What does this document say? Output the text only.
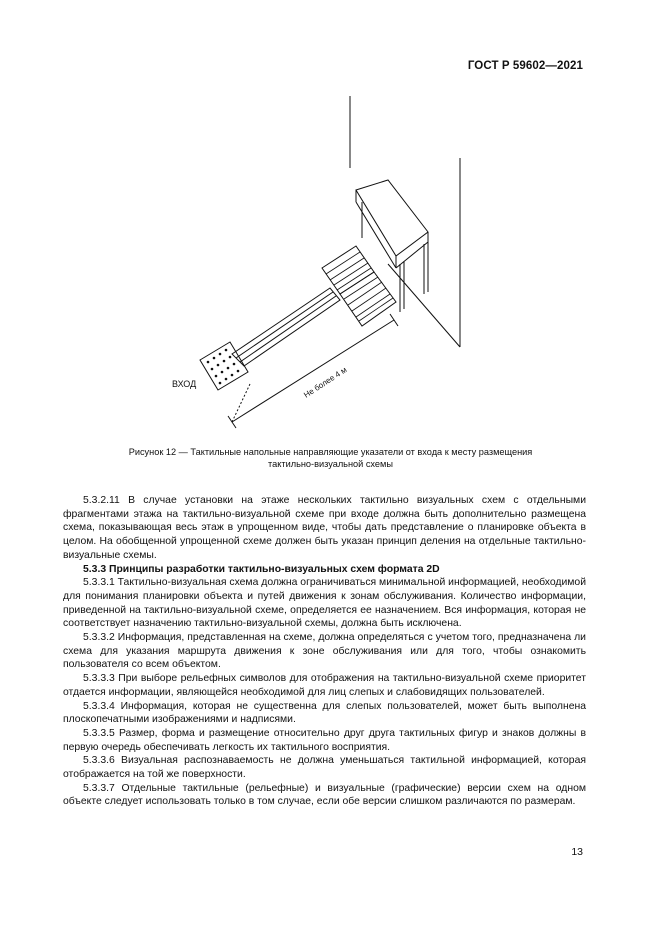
ГОСТ Р 59602—2021
ВХОД	Не более 4 м
Рисунок 12 — Тактильные напольные направляющие указатели от входа к месту размещения
тактильно-визуальной схемы

5.3.2.11 В случае установки на этаже нескольких тактильно визуальных схем с отдельными фрагментами этажа на тактильно-визуальной схеме при входе должна быть дополнительно размещена схема, показывающая весь этаж в упрощенном виде, чтобы дать представление о планировке объекта в целом. На обобщенной упрощенной схеме должен быть указан принцип деления на отдельные тактильно-визуальные схемы.

5.3.3 Принципы разработки тактильно-визуальных схем формата 2D

5.3.3.1 Тактильно-визуальная схема должна ограничиваться минимальной информацией, необходимой для понимания планировки объекта и путей движения к зонам обслуживания. Количество информации, приведенной на тактильно-визуальной схеме, определяется ее назначением. Вся информация, которая не соответствует назначению тактильно-визуальной схемы, должна быть исключена.

5.3.3.2 Информация, представленная на схеме, должна определяться с учетом того, предназначена ли схема для указания маршрута движения к зоне обслуживания или для того, чтобы ознакомить пользователя со всем объектом.

5.3.3.3 При выборе рельефных символов для отображения на тактильно-визуальной схеме приоритет отдается информации, являющейся необходимой для лиц слепых и слабовидящих пользователей.

5.3.3.4 Информация, которая не существенна для слепых пользователей, может быть выполнена плоскопечатными изображениями и надписями.

5.3.3.5 Размер, форма и размещение относительно друг друга тактильных фигур и знаков должны в первую очередь обеспечивать легкость их тактильного восприятия.

5.3.3.6 Визуальная распознаваемость не должна уменьшаться тактильной информацией, которая отображается на той же поверхности.

5.3.3.7 Отдельные тактильные (рельефные) и визуальные (графические) версии схем на одном объекте следует использовать только в том случае, если обе версии слишком различаются по размерам.

13
